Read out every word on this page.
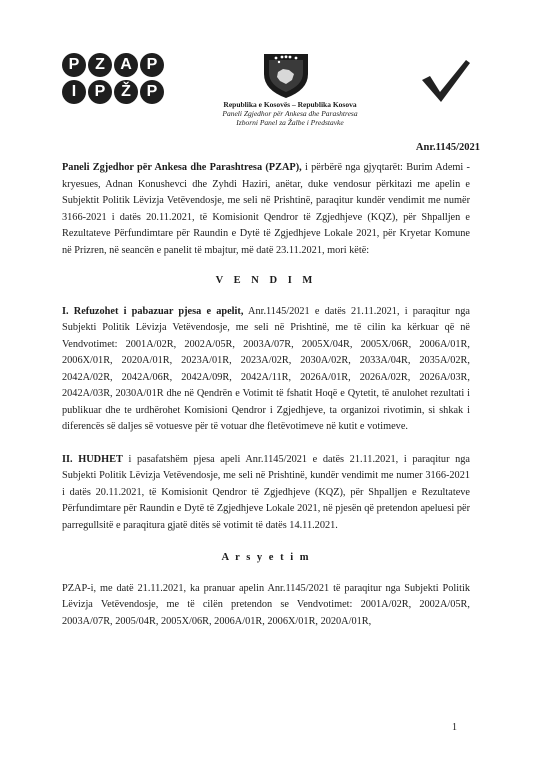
P Z A P
I	P Ž P
Republika e Kosovës – Republika Kosova
Paneli Zgjedhor për Ankesa dhe Parashtresa
Izborni Panel za Žalbe i Predstavke
Anr.1145/2021

Paneli Zgjedhor për Ankesa dhe Parashtresa (PZAP), i përbërë nga gjyqtarët: Burim Ademi - kryesues, Adnan Konushevci dhe Zyhdi Haziri, anëtar, duke vendosur përkitazi me apelin e Subjektit Politik Lëvizja Vetëvendosje, me seli në Prishtinë, paraqitur kundër vendimit me numër 3166-2021 i datës 20.11.2021, të Komisionit Qendror të Zgjedhjeve (KQZ), për Shpalljen e Rezultateve Përfundimtare për Raundin e Dytë të Zgjedhjeve Lokale 2021, për Kryetar Komune në Prizren, në seancën e panelit të mbajtur, më datë 23.11.2021, mori këtë:

V E N D I M

I. Refuzohet i pabazuar pjesa e apelit, Anr.1145/2021 e datës 21.11.2021, i paraqitur nga Subjekti Politik Lëvizja Vetëvendosje, me seli në Prishtinë, me të cilin ka kërkuar që në Vendvotimet: 2001A/02R, 2002A/05R, 2003A/07R, 2005X/04R, 2005X/06R, 2006A/01R, 2006X/01R, 2020A/01R, 2023A/01R, 2023A/02R, 2030A/02R, 2033A/04R, 2035A/02R, 2042A/02R, 2042A/06R, 2042A/09R, 2042A/11R, 2026A/01R, 2026A/02R, 2026A/03R, 2042A/03R, 2030A/01R dhe në Qendrën e Votimit të fshatit Hoqë e Qytetit, të anulohet rezultati i publikuar dhe te urdhërohet Komisioni Qendror i Zgjedhjeve, ta organizoi rivotimin, si shkak i diferencës së daljes së votuesve për të votuar dhe fletëvotimeve në kutit e votimeve.

II. HUDHET i pasafatshëm pjesa apeli Anr.1145/2021 e datës 21.11.2021, i paraqitur nga Subjekti Politik Lëvizja Vetëvendosje, me seli në Prishtinë, kundër vendimit me numer 3166-2021 i datës 20.11.2021, të Komisionit Qendror të Zgjedhjeve (KQZ), për Shpalljen e Rezultateve Përfundimtare për Raundin e Dytë të Zgjedhjeve Lokale 2021, në pjesën që pretendon apeluesi për parregullsitë e paraqitura gjatë ditës së votimit të datës 14.11.2021.

A r s y e t i m

PZAP-i, me datë 21.11.2021, ka pranuar apelin Anr.1145/2021 të paraqitur nga Subjekti Politik Lëvizja Vetëvendosje, me të cilën pretendon se Vendvotimet: 2001A/02R, 2002A/05R, 2003A/07R, 2005/04R, 2005X/06R, 2006A/01R, 2006X/01R, 2020A/01R,

1
